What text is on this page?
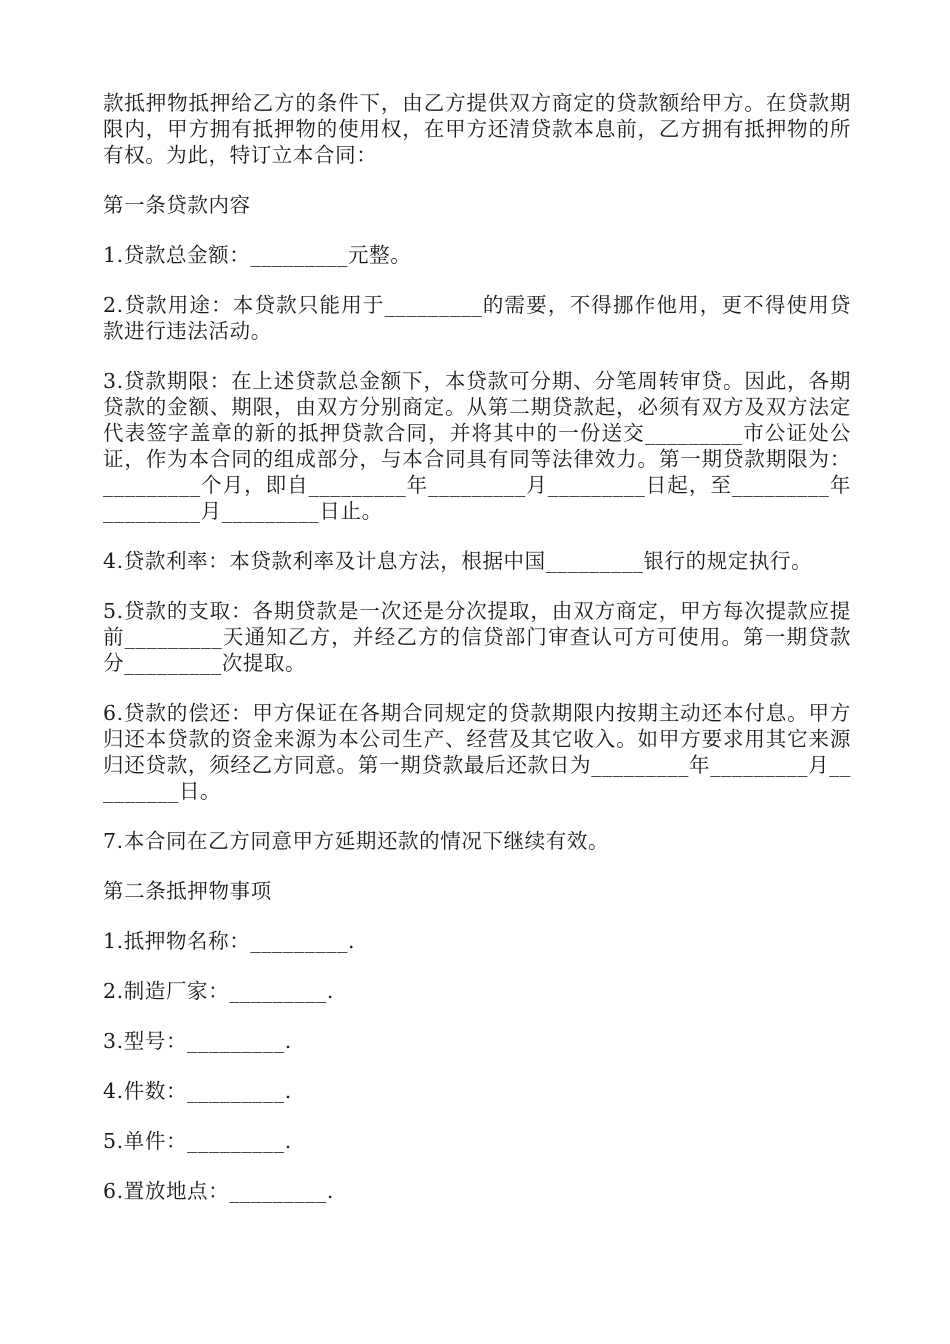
款抵押物抵押给乙方的条件下，由乙方提供双方商定的贷款额给甲方。在贷款期限内，甲方拥有抵押物的使用权，在甲方还清贷款本息前，乙方拥有抵押物的所有权。为此，特订立本合同：

第一条贷款内容

1.贷款总金额：_________元整。

2.贷款用途：本贷款只能用于_________的需要，不得挪作他用，更不得使用贷款进行违法活动。

3.贷款期限：在上述贷款总金额下，本贷款可分期、分笔周转审贷。因此，各期贷款的金额、期限，由双方分别商定。从第二期贷款起，必须有双方及双方法定代表签字盖章的新的抵押贷款合同，并将其中的一份送交_________市公证处公证，作为本合同的组成部分，与本合同具有同等法律效力。第一期贷款期限为：_________个月，即自_________年_________月_________日起，至_________年_________月_________日止。

4.贷款利率：本贷款利率及计息方法，根据中国_________银行的规定执行。

5.贷款的支取：各期贷款是一次还是分次提取，由双方商定，甲方每次提款应提前_________天通知乙方，并经乙方的信贷部门审查认可方可使用。第一期贷款分_________次提取。

6.贷款的偿还：甲方保证在各期合同规定的贷款期限内按期主动还本付息。甲方归还本贷款的资金来源为本公司生产、经营及其它收入。如甲方要求用其它来源归还贷款，须经乙方同意。第一期贷款最后还款日为_________年_________月_________日。

7.本合同在乙方同意甲方延期还款的情况下继续有效。

第二条抵押物事项

1.抵押物名称：_________.

2.制造厂家：_________.

3.型号：_________.

4.件数：_________.

5.单件：_________.

6.置放地点：_________.
